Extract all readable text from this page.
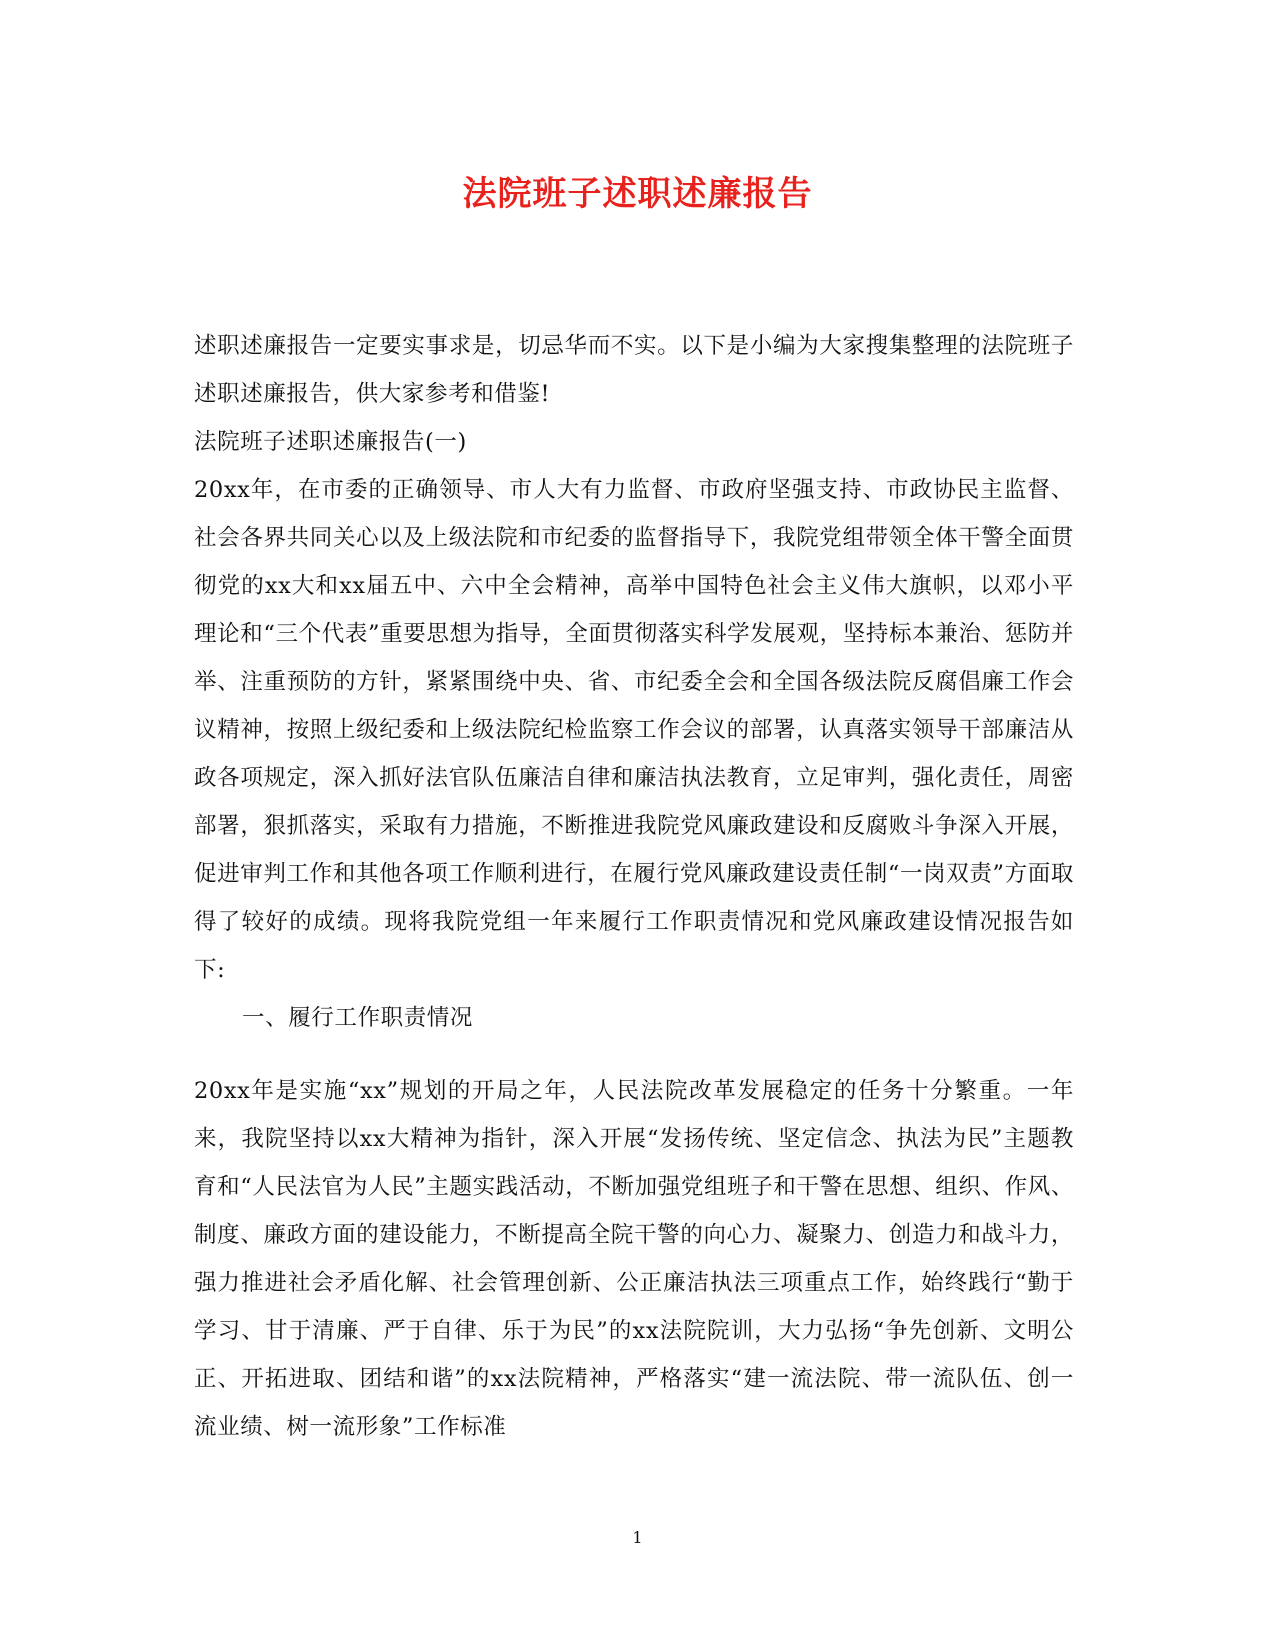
法院班子述职述廉报告

述职述廉报告一定要实事求是，切忌华而不实。以下是小编为大家搜集整理的法院班子述职述廉报告，供大家参考和借鉴!

法院班子述职述廉报告(一)

20xx年，在市委的正确领导、市人大有力监督、市政府坚强支持、市政协民主监督、社会各界共同关心以及上级法院和市纪委的监督指导下，我院党组带领全体干警全面贯彻党的xx大和xx届五中、六中全会精神，高举中国特色社会主义伟大旗帜，以邓小平理论和“三个代表”重要思想为指导，全面贯彻落实科学发展观，坚持标本兼治、惩防并举、注重预防的方针，紧紧围绕中央、省、市纪委全会和全国各级法院反腐倡廉工作会议精神，按照上级纪委和上级法院纪检监察工作会议的部署，认真落实领导干部廉洁从政各项规定，深入抓好法官队伍廉洁自律和廉洁执法教育，立足审判，强化责任，周密部署，狠抓落实，采取有力措施，不断推进我院党风廉政建设和反腐败斗争深入开展，促进审判工作和其他各项工作顺利进行，在履行党风廉政建设责任制“一岗双责”方面取得了较好的成绩。现将我院党组一年来履行工作职责情况和党风廉政建设情况报告如下:

一、履行工作职责情况

20xx年是实施“xx”规划的开局之年，人民法院改革发展稳定的任务十分繁重。一年来，我院坚持以xx大精神为指针，深入开展“发扬传统、坚定信念、执法为民”主题教育和“人民法官为人民”主题实践活动，不断加强党组班子和干警在思想、组织、作风、制度、廉政方面的建设能力，不断提高全院干警的向心力、凝聚力、创造力和战斗力，强力推进社会矛盾化解、社会管理创新、公正廉洁执法三项重点工作，始终践行“勤于学习、甘于清廉、严于自律、乐于为民”的xx法院院训，大力弘扬“争先创新、文明公正、开拓进取、团结和谐”的xx法院精神，严格落实“建一流法院、带一流队伍、创一流业绩、树一流形象”工作标准

1
